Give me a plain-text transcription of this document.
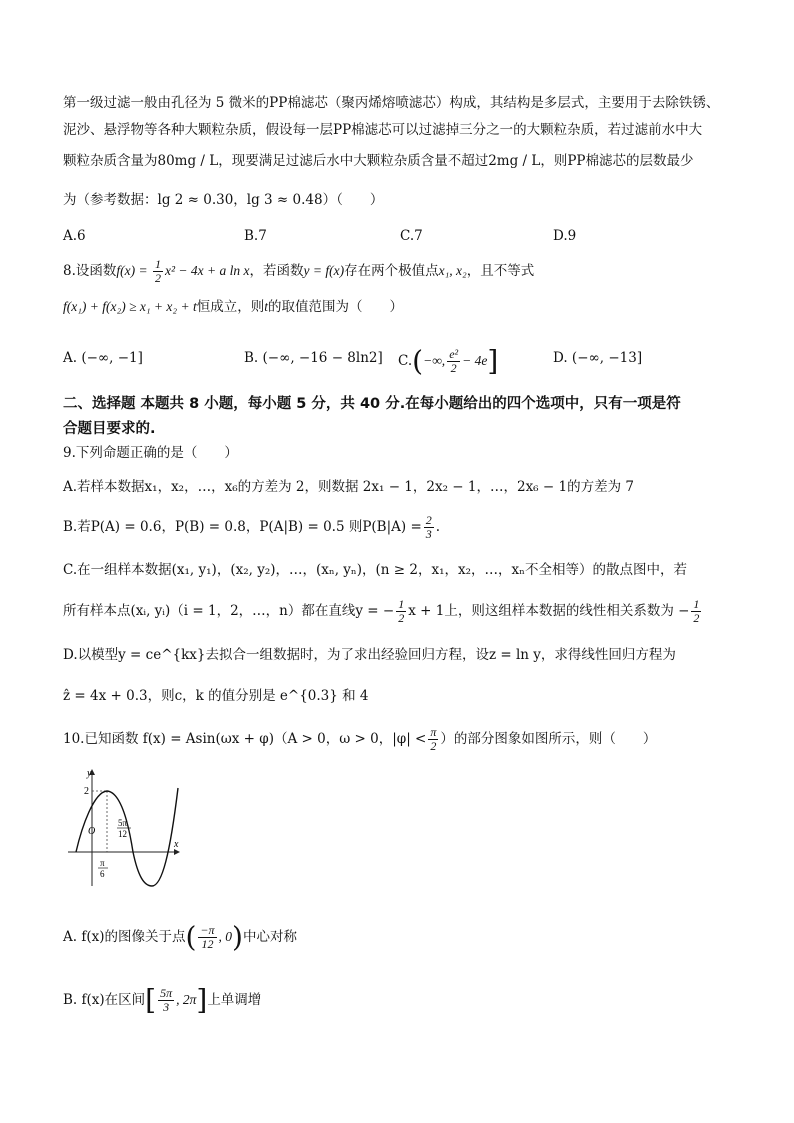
第一级过滤一般由孔径为 5 微米的PP棉滤芯（聚丙烯熔喷滤芯）构成，其结构是多层式，主要用于去除铁锈、
泥沙、悬浮物等各种大颗粒杂质，假设每一层PP棉滤芯可以过滤掉三分之一的大颗粒杂质，若过滤前水中大
颗粒杂质含量为80mg / L，现要满足过滤后水中大颗粒杂质含量不超过2mg / L，则PP棉滤芯的层数最少
为（参考数据：lg 2 ≈ 0.30，lg 3 ≈ 0.48）（　　）
A.6	B.7	C.7	D.9
8.设函数$f(x) = \frac{1}{2} x^2 - 4x + a$ ln x，若函数y = f(x)存在两个极值点x₁, x₂，且不等式
f(x₁) + f(x₂) ≥ x₁ + x₂ + t恒成立，则t的取值范围为（　　）
A. (−∞, −1]	B. (−∞, −16 − 8ln2] C.(−∞, $\frac{\text{e²}}{2} - 4e$]	D. (−∞, −13]
二、选择题 本题共 8 小题，每小题 5 分，共 40 分.在每小题给出的四个选项中，只有一项是符
合题目要求的.
9.下列命题正确的是（　　）
A.若样本数据x₁，x₂，…，x₆的方差为 2，则数据 2x₁ − 1，2x₂ − 1，…，2x₆ − 1的方差为 7
B.若P(A) = 0.6，P(B) = 0.8，P(A|B) = 0.5 则$P(B|A) = \frac{2}{3}$ .
C.在一组样本数据(x₁, y₁)，(x₂, y₂)，…，(xₙ, yₙ)，(n ≥ 2，x₁，x₂，…，xₙ不全相等）的散点图中，若
所有样本点(xᵢ, yᵢ)（i = 1，2，…，n）都在直线y = − $\frac{1}{2}$ x + 1上，则这组样本数据的线性相关系数为 − $\frac{1}{2}$
D.以模型y = ce^{kx}去拟合一组数据时，为了求出经验回归方程，设z = ln y，求得线性回归方程为
ẑ = 4x + 0.3，则c，k 的值分别是 e^{0.3} 和 4
10.已知函数 f(x) = Asin(ωx + φ)（A > 0，ω > 0，$|\varphi| < \frac{\pi}{2}$ ）的部分图象如图所示，则（　　）
y
x
2
O
π
6
5π
12
A. f(x)的图像关于点( $\frac{-\pi}{12}$ , 0)中心对称
B. f(x)在区间[ $\frac{5\pi}{3}$ , 2π]上单调增
